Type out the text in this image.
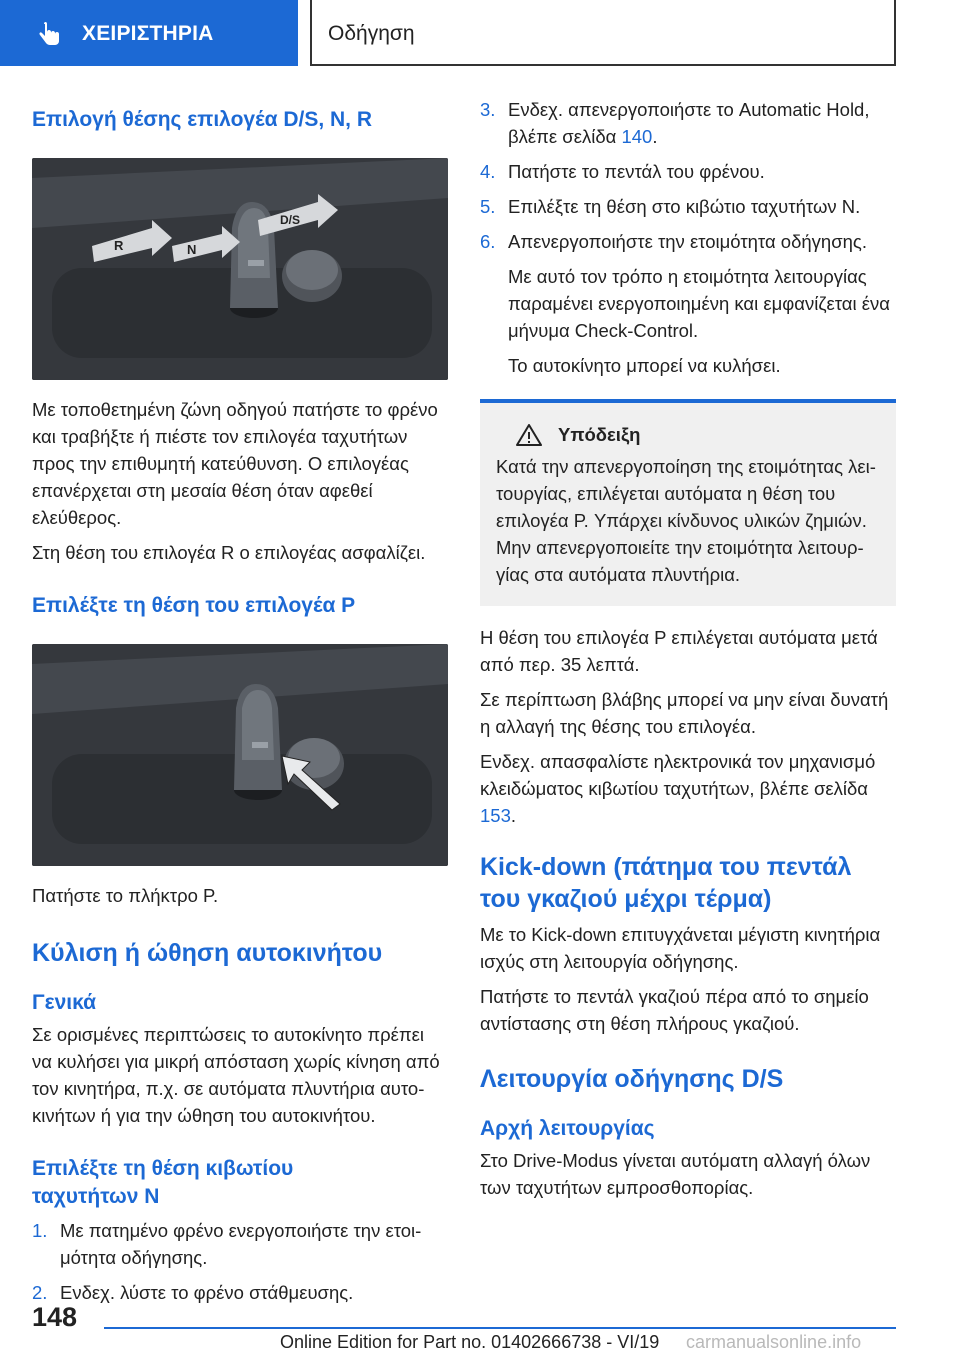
ΧΕΙΡΙΣΤΗΡΙΑ	Οδήγηση
Επιλογή θέσης επιλογέα D/S, N, R
R	N
D/S

Με τοποθετημένη ζώνη οδηγού πατήστε το φρένο και τραβήξτε ή πιέστε τον επιλογέα ταχυτήτων προς την επιθυμητή κατεύθυνση. Ο επιλογέας επανέρχεται στη μεσαία θέση όταν αφεθεί ελεύθερος.

Στη θέση του επιλογέα R ο επιλογέας ασφαλίζει.

Επιλέξτε τη θέση του επιλογέα P

Πατήστε το πλήκτρο P.

Κύλιση ή ώθηση αυτοκινήτου
Γενικά

Σε ορισμένες περιπτώσεις το αυτοκίνητο πρέπει να κυλήσει για μικρή απόσταση χωρίς κίνηση από τον κινητήρα, π.χ. σε αυτόματα πλυντήρια αυτοκινήτων ή για την ώθηση του αυτοκινήτου.

Επιλέξτε τη θέση κιβωτίου
ταχυτήτων N
1. Με πατημένο φρένο ενεργοποιήστε την ετοιμότητα οδήγησης.
2. Ενδεχ. λύστε το φρένο στάθμευσης.
3. Ενδεχ. απενεργοποιήστε το Automatic Hold, βλέπε σελίδα 140.
4. Πατήστε το πεντάλ του φρένου.
5. Επιλέξτε τη θέση στο κιβώτιο ταχυτήτων N.
6. Απενεργοποιήστε την ετοιμότητα οδήγησης.

Με αυτό τον τρόπο η ετοιμότητα λειτουργίας παραμένει ενεργοποιημένη και εμφανίζεται ένα μήνυμα Check-Control.

Το αυτοκίνητο μπορεί να κυλήσει.

Υπόδειξη

Κατά την απενεργοποίηση της ετοιμότητας λειτουργίας, επιλέγεται αυτόματα η θέση του επιλογέα P. Υπάρχει κίνδυνος υλικών ζημιών. Μην απενεργοποιείτε την ετοιμότητα λειτουργίας στα αυτόματα πλυντήρια.

Η θέση του επιλογέα P επιλέγεται αυτόματα μετά από περ. 35 λεπτά.

Σε περίπτωση βλάβης μπορεί να μην είναι δυνατή η αλλαγή της θέσης του επιλογέα.

Ενδεχ. απασφαλίστε ηλεκτρονικά τον μηχανισμό κλειδώματος κιβωτίου ταχυτήτων, βλέπε σελίδα 153.

Kick-down (πάτημα του πεντάλ
του γκαζιού μέχρι τέρμα)

Με το Kick-down επιτυγχάνεται μέγιστη κινητήρια ισχύς στη λειτουργία οδήγησης.

Πατήστε το πεντάλ γκαζιού πέρα από το σημείο αντίστασης στη θέση πλήρους γκαζιού.

Λειτουργία οδήγησης D/S
Αρχή λειτουργίας

Στο Drive-Modus γίνεται αυτόματη αλλαγή όλων των ταχυτήτων εμπροσθοπορίας.

148
Online Edition for Part no. 01402666738 - VI/19 carmanualsonline.info
